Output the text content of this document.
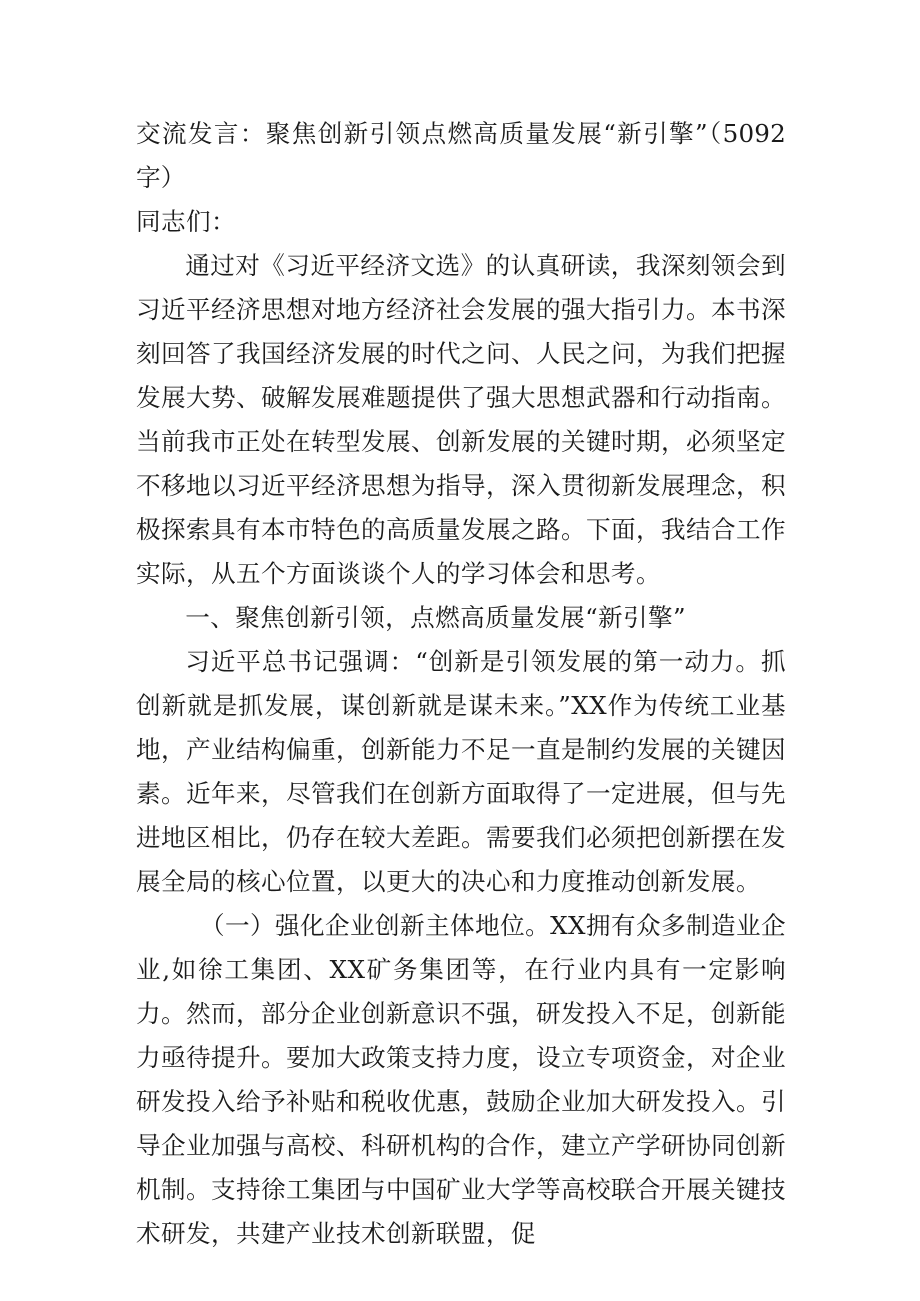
交流发言：聚焦创新引领点燃高质量发展“新引擎”（5092字）

同志们：

通过对《习近平经济文选》的认真研读，我深刻领会到习近平经济思想对地方经济社会发展的强大指引力。本书深刻回答了我国经济发展的时代之问、人民之问，为我们把握发展大势、破解发展难题提供了强大思想武器和行动指南。当前我市正处在转型发展、创新发展的关键时期，必须坚定不移地以习近平经济思想为指导，深入贯彻新发展理念，积极探索具有本市特色的高质量发展之路。下面，我结合工作实际，从五个方面谈谈个人的学习体会和思考。

一、聚焦创新引领，点燃高质量发展“新引擎”

习近平总书记强调：“创新是引领发展的第一动力。抓创新就是抓发展，谋创新就是谋未来。”XX作为传统工业基地，产业结构偏重，创新能力不足一直是制约发展的关键因素。近年来，尽管我们在创新方面取得了一定进展，但与先进地区相比，仍存在较大差距。需要我们必须把创新摆在发展全局的核心位置，以更大的决心和力度推动创新发展。

（一）强化企业创新主体地位。XX拥有众多制造业企业,如徐工集团、XX矿务集团等，在行业内具有一定影响力。然而，部分企业创新意识不强，研发投入不足，创新能力亟待提升。要加大政策支持力度，设立专项资金，对企业研发投入给予补贴和税收优惠，鼓励企业加大研发投入。引导企业加强与高校、科研机构的合作，建立产学研协同创新机制。支持徐工集团与中国矿业大学等高校联合开展关键技术研发，共建产业技术创新联盟，促
